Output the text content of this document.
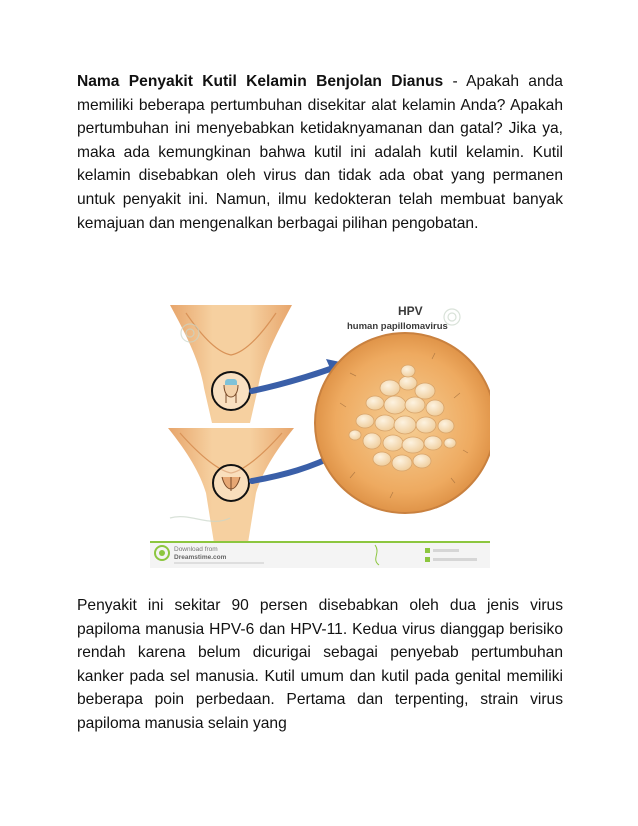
Nama Penyakit Kutil Kelamin Benjolan Dianus - Apakah anda memiliki beberapa pertumbuhan disekitar alat kelamin Anda? Apakah pertumbuhan ini menyebabkan ketidaknyamanan dan gatal? Jika ya, maka ada kemungkinan bahwa kutil ini adalah kutil kelamin. Kutil kelamin disebabkan oleh virus dan tidak ada obat yang permanen untuk penyakit ini. Namun, ilmu kedokteran telah membuat banyak kemajuan dan mengenalkan berbagai pilihan pengobatan.

HPV
human papillomavirus
Download from
Dreamstime.com

Penyakit ini sekitar 90 persen disebabkan oleh dua jenis virus papiloma manusia HPV-6 dan HPV-11. Kedua virus dianggap berisiko rendah karena belum dicurigai sebagai penyebab pertumbuhan kanker pada sel manusia. Kutil umum dan kutil pada genital memiliki beberapa poin perbedaan. Pertama dan terpenting, strain virus papiloma manusia selain yang
